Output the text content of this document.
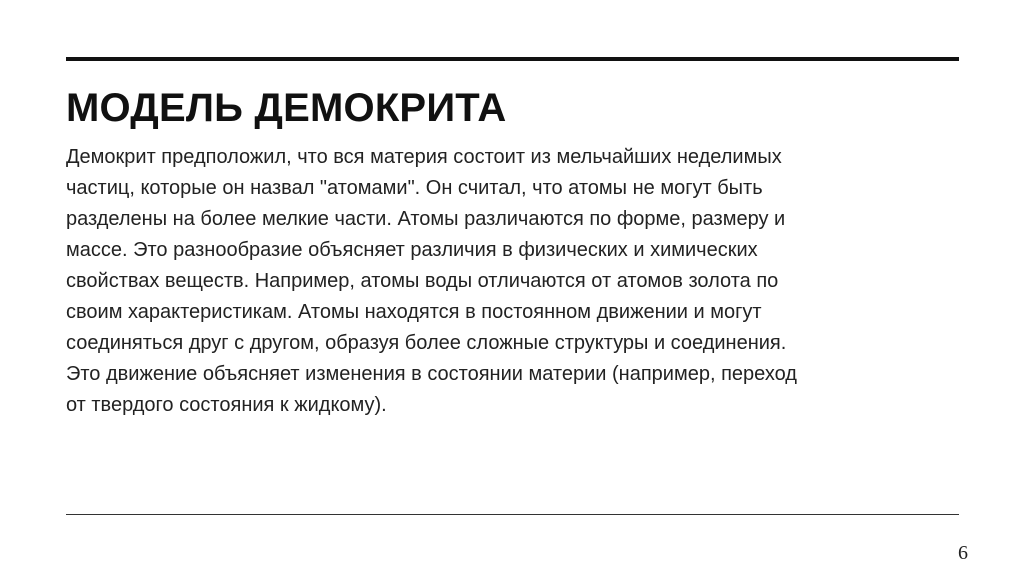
МОДЕЛЬ ДЕМОКРИТА
Демокрит предположил, что вся материя состоит из мельчайших неделимых
частиц, которые он назвал "атомами". Он считал, что атомы не могут быть
разделены на более мелкие части. Атомы различаются по форме, размеру и
массе. Это разнообразие объясняет различия в физических и химических
свойствах веществ. Например, атомы воды отличаются от атомов золота по
своим характеристикам. Атомы находятся в постоянном движении и могут
соединяться друг с другом, образуя более сложные структуры и соединения.
Это движение объясняет изменения в состоянии материи (например, переход
от твердого состояния к жидкому).
6
